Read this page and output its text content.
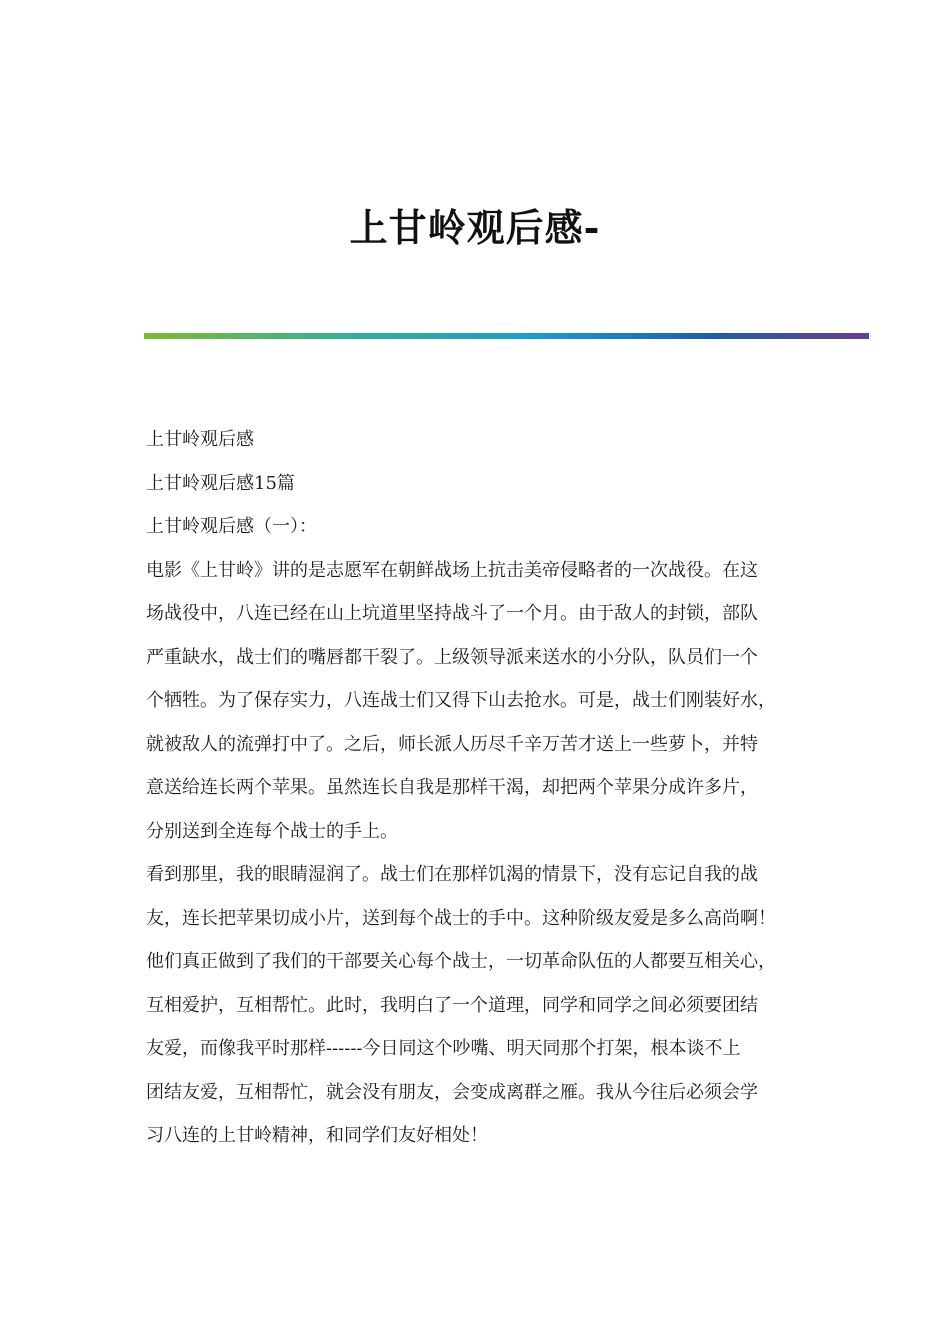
上甘岭观后感-
上甘岭观后感
上甘岭观后感15篇
上甘岭观后感（一）：
电影《上甘岭》讲的是志愿军在朝鲜战场上抗击美帝侵略者的一次战役。在这
场战役中，八连已经在山上坑道里坚持战斗了一个月。由于敌人的封锁，部队
严重缺水，战士们的嘴唇都干裂了。上级领导派来送水的小分队，队员们一个
个牺牲。为了保存实力，八连战士们又得下山去抢水。可是，战士们刚装好水，
就被敌人的流弹打中了。之后，师长派人历尽千辛万苦才送上一些萝卜，并特
意送给连长两个苹果。虽然连长自我是那样干渴，却把两个苹果分成许多片，
分别送到全连每个战士的手上。
看到那里，我的眼睛湿润了。战士们在那样饥渴的情景下，没有忘记自我的战
友，连长把苹果切成小片，送到每个战士的手中。这种阶级友爱是多么高尚啊！
他们真正做到了我们的干部要关心每个战士，一切革命队伍的人都要互相关心，
互相爱护，互相帮忙。此时，我明白了一个道理，同学和同学之间必须要团结
友爱，而像我平时那样------今日同这个吵嘴、明天同那个打架，根本谈不上
团结友爱，互相帮忙，就会没有朋友，会变成离群之雁。我从今往后必须会学
习八连的上甘岭精神，和同学们友好相处！
